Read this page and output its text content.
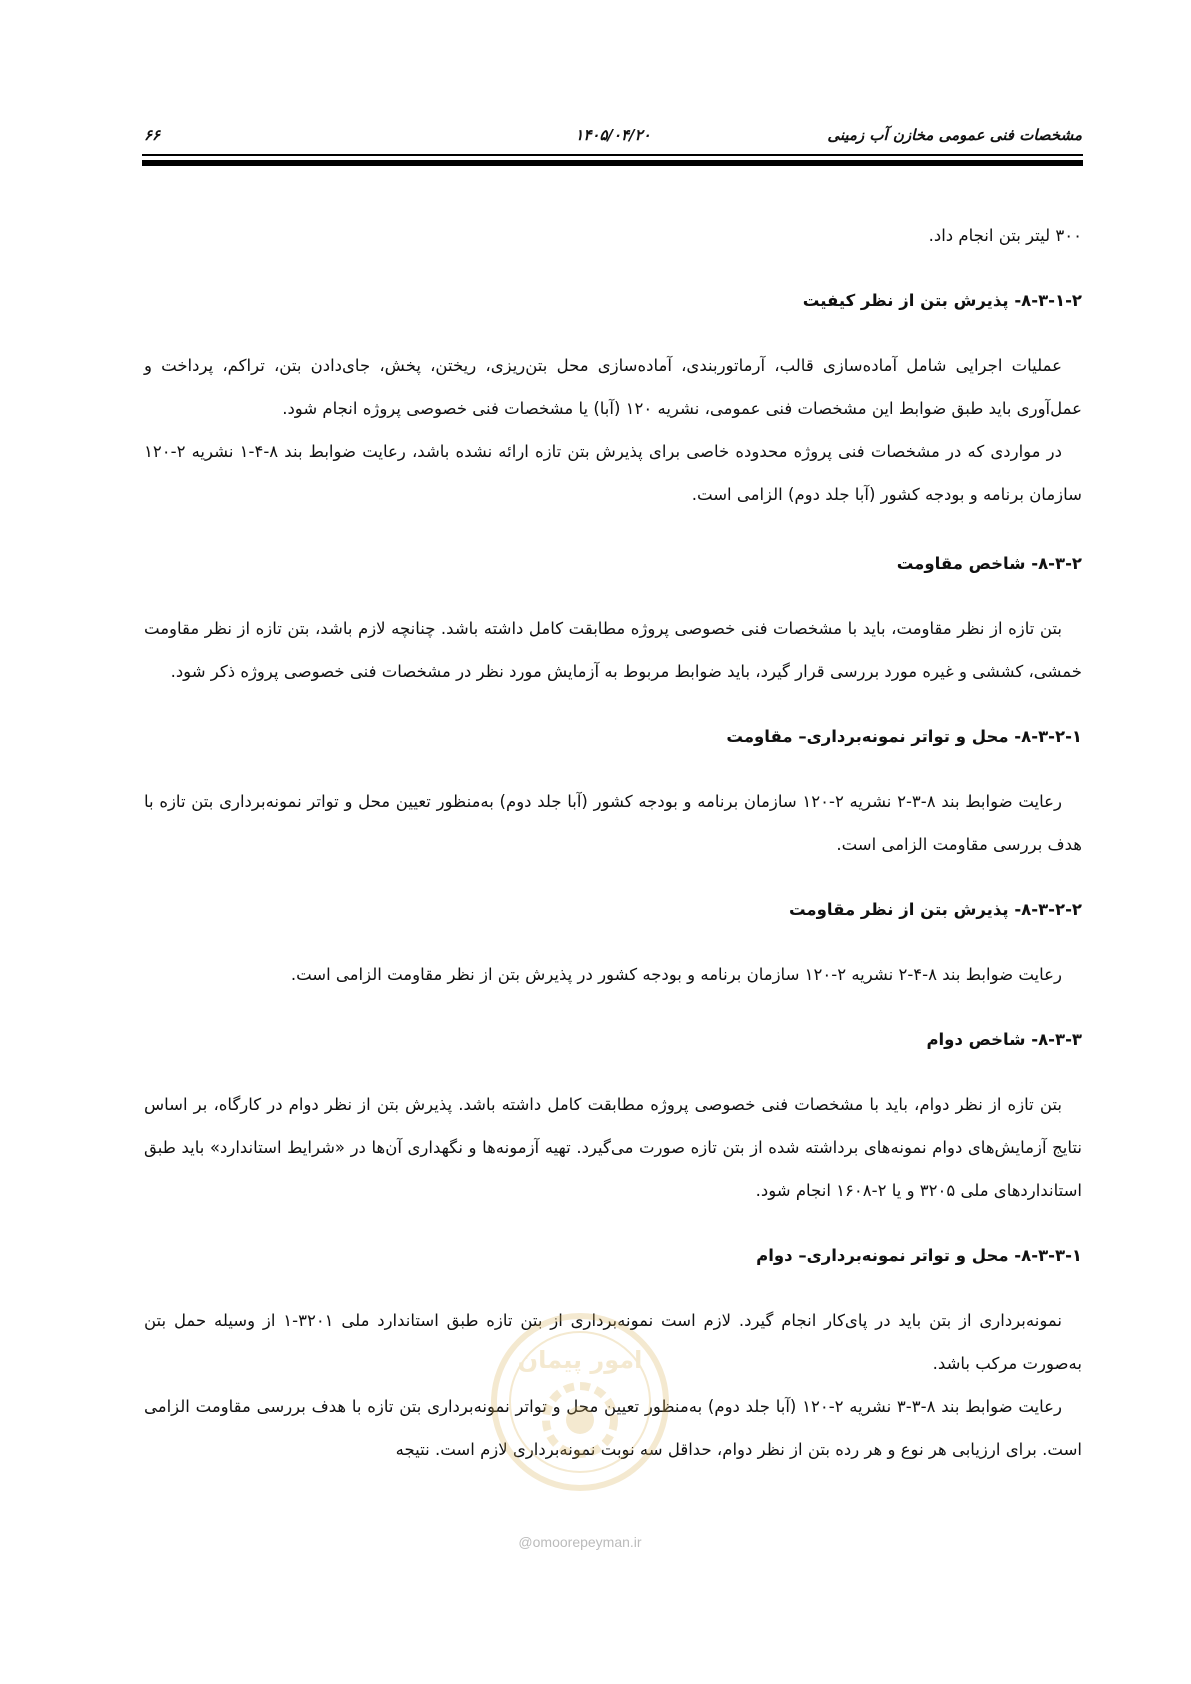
مشخصات فنی عمومی مخازن آب زمینی
۱۴۰۵/۰۴/۲۰
۶۶

۳۰۰ لیتر بتن انجام داد.

۸-۳-۱-۲- پذیرش بتن از نظر کیفیت

عملیات اجرایی شامل آماده‌سازی قالب، آرماتوربندی، آماده‌سازی محل بتن‌ریزی، ریختن، پخش، جای‌دادن بتن، تراکم، پرداخت و عمل‌آوری باید طبق ضوابط این مشخصات فنی عمومی، نشریه ۱۲۰ (آبا) یا مشخصات فنی خصوصی پروژه انجام شود.

در مواردی که در مشخصات فنی پروژه محدوده خاصی برای پذیرش بتن تازه ارائه نشده باشد، رعایت ضوابط بند ۸-۴-۱ نشریه ۲-۱۲۰ سازمان برنامه و بودجه کشور (آبا جلد دوم) الزامی است.

۸-۳-۲- شاخص مقاومت

بتن تازه از نظر مقاومت، باید با مشخصات فنی خصوصی پروژه مطابقت کامل داشته باشد. چنانچه لازم باشد، بتن تازه از نظر مقاومت خمشی، کششی و غیره مورد بررسی قرار گیرد، باید ضوابط مربوط به آزمایش مورد نظر در مشخصات فنی خصوصی پروژه ذکر شود.

۸-۳-۲-۱- محل و تواتر نمونه‌برداری– مقاومت

رعایت ضوابط بند ۸-۳-۲ نشریه ۲-۱۲۰ سازمان برنامه و بودجه کشور (آبا جلد دوم) به‌منظور تعیین محل و تواتر نمونه‌برداری بتن تازه با هدف بررسی مقاومت الزامی است.

۸-۳-۲-۲- پذیرش بتن از نظر مقاومت

رعایت ضوابط بند ۸-۴-۲ نشریه ۲-۱۲۰ سازمان برنامه و بودجه کشور در پذیرش بتن از نظر مقاومت الزامی است.

۸-۳-۳- شاخص دوام

بتن تازه از نظر دوام، باید با مشخصات فنی خصوصی پروژه مطابقت کامل داشته باشد. پذیرش بتن از نظر دوام در کارگاه، بر اساس نتایج آزمایش‌های دوام نمونه‌های برداشته شده از بتن تازه صورت می‌گیرد. تهیه آزمونه‌ها و نگهداری آن‌ها در «شرایط استاندارد» باید طبق استانداردهای ملی ۳۲۰۵ و یا ۲-۱۶۰۸ انجام شود.

۸-۳-۳-۱- محل و تواتر نمونه‌برداری– دوام

نمونه‌برداری از بتن باید در پای‌کار انجام گیرد. لازم است نمونه‌برداری از بتن تازه طبق استاندارد ملی ۳۲۰۱-۱ از وسیله حمل بتن به‌صورت مرکب باشد.

رعایت ضوابط بند ۸-۳-۳ نشریه ۲-۱۲۰ (آبا جلد دوم) به‌منظور تعیین محل و تواتر نمونه‌برداری بتن تازه با هدف بررسی مقاومت الزامی است. برای ارزیابی هر نوع و هر رده بتن از نظر دوام، حداقل سه نوبت نمونه‌برداری لازم است. نتیجه

امور پیمان
@omoorepeyman.ir
